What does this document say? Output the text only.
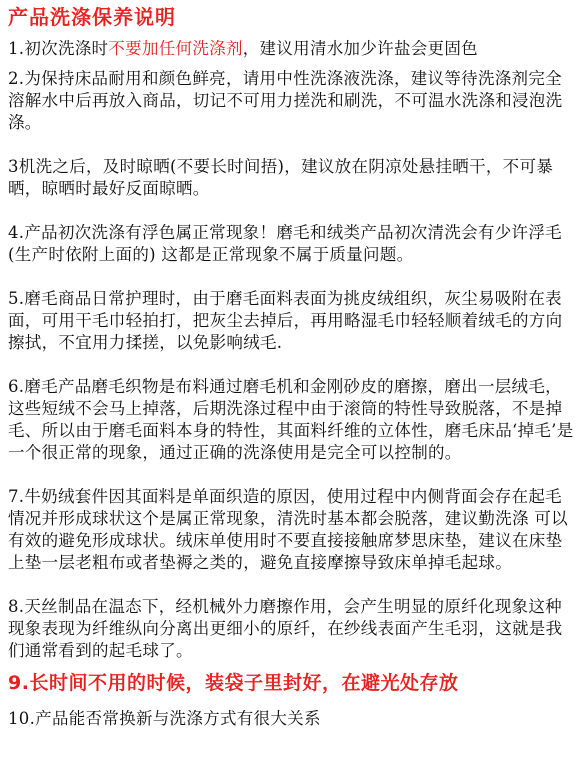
产品洗涤保养说明

1.初次洗涤时不要加任何洗涤剂，建议用清水加少许盐会更固色

2.为保持床品耐用和颜色鲜亮，请用中性洗涤液洗涤，建议等待洗涤剂完全溶解水中后再放入商品，切记不可用力搓洗和刷洗，不可温水洗涤和浸泡洗涤。

3机洗之后，及时晾晒(不要长时间捂)，建议放在阴凉处悬挂晒干，不可暴晒，晾晒时最好反面晾晒。

4.产品初次洗涤有浮色属正常现象！磨毛和绒类产品初次清洗会有少许浮毛(生产时依附上面的) 这都是正常现象不属于质量问题。

5.磨毛商品日常护理时，由于磨毛面料表面为挑皮绒组织，灰尘易吸附在表面，可用干毛巾轻拍打，把灰尘去掉后，再用略湿毛巾轻轻顺着绒毛的方向擦拭，不宜用力揉搓，以免影响绒毛.

6.磨毛产品磨毛织物是布料通过磨毛机和金刚砂皮的磨擦，磨出一层绒毛，这些短绒不会马上掉落，后期洗涤过程中由于滚筒的特性导致脱落，不是掉毛、所以由于磨毛面料本身的特性，其面料纤维的立体性，磨毛床品‘掉毛’是一个很正常的现象，通过正确的洗涤使用是完全可以控制的。

7.牛奶绒套件因其面料是单面织造的原因，使用过程中内侧背面会存在起毛情况并形成球状这个是属正常现象，清洗时基本都会脱落，建议勤洗涤 可以有效的避免形成球状。绒床单使用时不要直接接触席梦思床垫，建议在床垫上垫一层老粗布或者垫褥之类的，避免直接摩擦导致床单掉毛起球。

8.天丝制品在温态下，经机械外力磨擦作用，会产生明显的原纤化现象这种现象表现为纤维纵向分离出更细小的原纤，在纱线表面产生毛羽，这就是我们通常看到的起毛球了。

9.长时间不用的时候，装袋子里封好，在避光处存放

10.产品能否常换新与洗涤方式有很大关系
